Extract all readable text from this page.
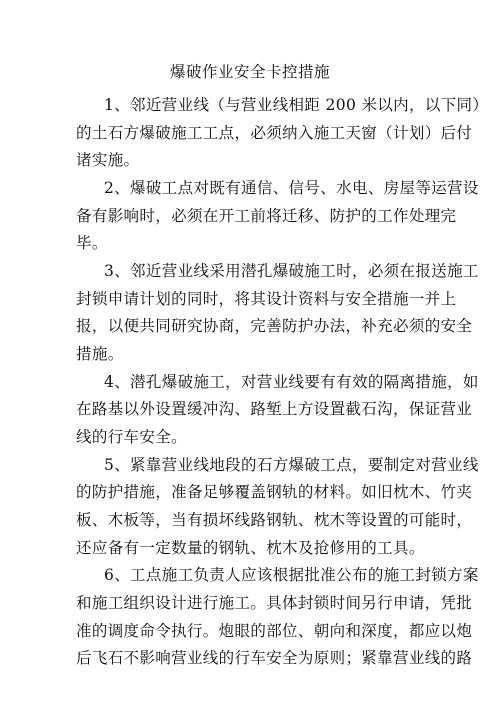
爆破作业安全卡控措施
1、邻近营业线（与营业线相距 200 米以内，以下同）
的土石方爆破施工工点，必须纳入施工天窗（计划）后付
诸实施。
2、爆破工点对既有通信、信号、水电、房屋等运营设
备有影响时，必须在开工前将迁移、防护的工作处理完
毕。
3、邻近营业线采用潜孔爆破施工时，必须在报送施工
封锁申请计划的同时，将其设计资料与安全措施一并上
报，以便共同研究协商，完善防护办法，补充必须的安全
措施。
4、潜孔爆破施工，对营业线要有有效的隔离措施，如
在路基以外设置缓冲沟、路堑上方设置截石沟，保证营业
线的行车安全。
5、紧靠营业线地段的石方爆破工点，要制定对营业线
的防护措施，准备足够覆盖钢轨的材料。如旧枕木、竹夹
板、木板等，当有损坏线路钢轨、枕木等设置的可能时，
还应备有一定数量的钢轨、枕木及抢修用的工具。
6、工点施工负责人应该根据批准公布的施工封锁方案
和施工组织设计进行施工。具体封锁时间另行申请，凭批
准的调度命令执行。炮眼的部位、朝向和深度，都应以炮
后飞石不影响营业线的行车安全为原则；紧靠营业线的路
